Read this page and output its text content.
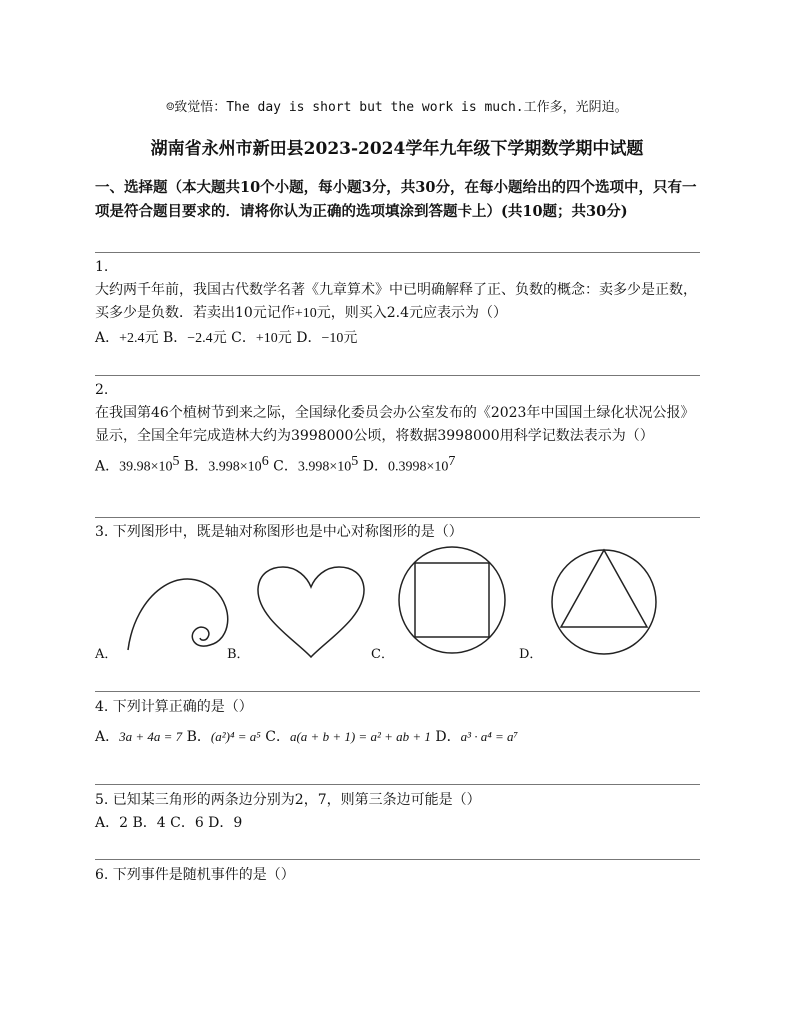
☺致觉悟：The day is short but the work is much.工作多，光阴迫。
湖南省永州市新田县2023-2024学年九年级下学期数学期中试题
一、选择题（本大题共10个小题，每小题3分，共30分，在每小题给出的四个选项中，只有一项是符合题目要求的．请将你认为正确的选项填涂到答题卡上）(共10题；共30分)
1.
大约两千年前，我国古代数学名著《九章算术》中已明确解释了正、负数的概念：卖多少是正数，买多少是负数．若卖出10元记作+10元，则买入2.4元应表示为（）
A．+2.4元 B．−2.4元 C．+10元 D．−10元
2.
在我国第46个植树节到来之际，全国绿化委员会办公室发布的《2023年中国国土绿化状况公报》显示，全国全年完成造林大约为3998000公顷，将数据3998000用科学记数法表示为（）
A．$39.98\times 10^5$ B．$3.998\times 10^6$ C．$3.998\times 10^5$ D．$0.3998\times 10^7$
3. 下列图形中，既是轴对称图形也是中心对称图形的是（）
A．	B．	C．	D．
4. 下列计算正确的是（）
A．3a + 4a = 7 B．(a²)⁴ = a⁵ C．a(a + b + 1) = a² + ab + 1 D．a³ · a⁴ = a⁷
5. 已知某三角形的两条边分别为2，7，则第三条边可能是（）
A．2 B．4 C．6 D．9
6. 下列事件是随机事件的是（）
